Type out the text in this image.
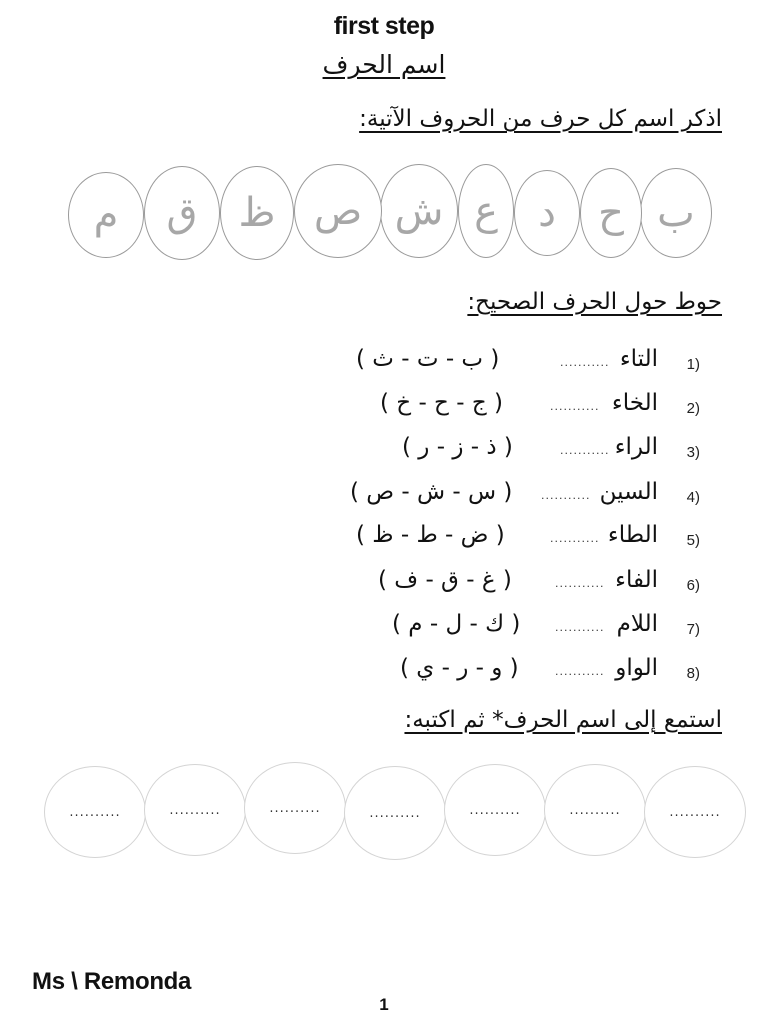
first step
اسم الحرف
اذكر اسم كل حرف من الحروف الآتية:
ب
ح
د
ع
ش
ص
ظ
ق
م
حوط حول الحرف الصحيح:
1)
التاء
...........
( ب - ت - ث )
2)
الخاء
...........
( ج - ح - خ )
3)
الراء
...........
( ذ - ز - ر )
4)
السين
...........
( س - ش - ص )
5)
الطاء
...........
( ض - ط - ظ )
6)
الفاء
...........
( غ - ق - ف )
7)
اللام
...........
( ك - ل - م )
8)
الواو
...........
( و - ر - ي )
استمع إلى اسم الحرف* ثم اكتبه:
..........	..........	..........	..........	..........	..........	..........
Ms \ Remonda
1
